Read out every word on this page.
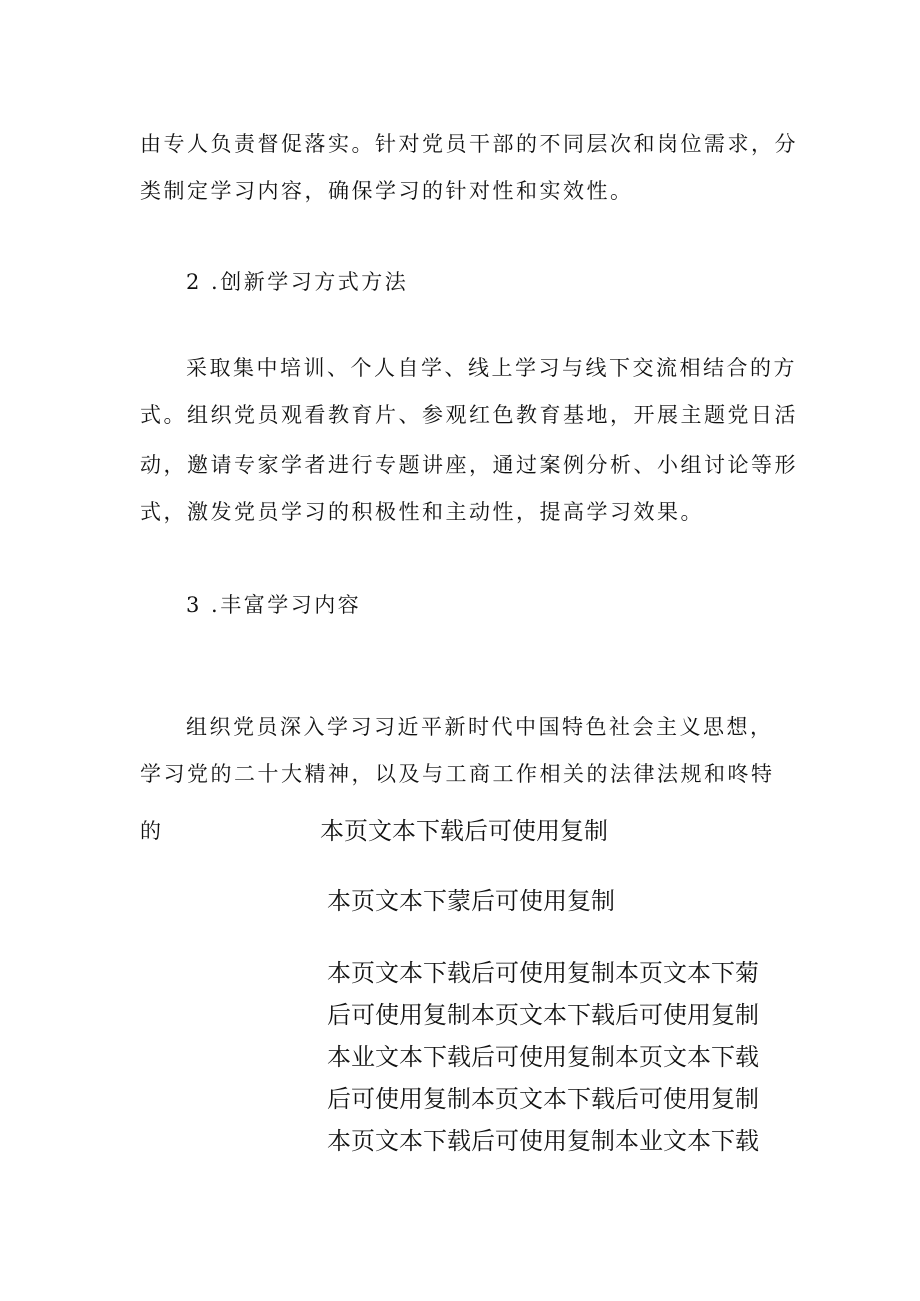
由专人负责督促落实。针对党员干部的不同层次和岗位需求，分
类制定学习内容，确保学习的针对性和实效性。
2 .创新学习方式方法
采取集中培训、个人自学、线上学习与线下交流相结合的方
式。组织党员观看教育片、参观红色教育基地，开展主题党日活
动，邀请专家学者进行专题讲座，通过案例分析、小组讨论等形
式，激发党员学习的积极性和主动性，提高学习效果。
3 .丰富学习内容
组织党员深入学习习近平新时代中国特色社会主义思想，
学习党的二十大精神，以及与工商工作相关的法律法规和咚特
的	本页文本下载后可使用复制
本页文本下蒙后可使用复制
本页文本下载后可使用复制本页文本下菊
后可使用复制本页文本下载后可使用复制
本业文本下载后可使用复制本页文本下载
后可使用复制本页文本下载后可使用复制
本页文本下载后可使用复制本业文本下载
